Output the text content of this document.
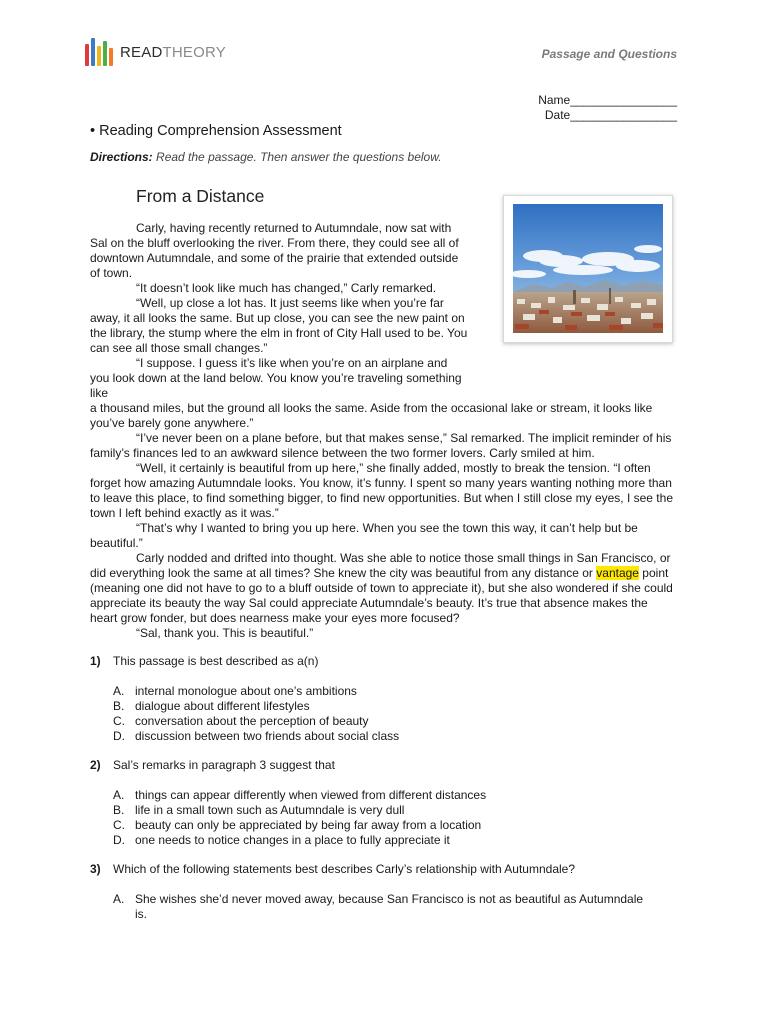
READTHEORY	Passage and Questions
Name________________
Date________________
• Reading Comprehension Assessment
Directions: Read the passage. Then answer the questions below.
From a Distance

Carly, having recently returned to Autumndale, now sat with Sal on the bluff overlooking the river. From there, they could see all of downtown Autumndale, and some of the prairie that extended outside of town.

“It doesn’t look like much has changed,” Carly remarked.

“Well, up close a lot has. It just seems like when you’re far away, it all looks the same. But up close, you can see the new paint on the library, the stump where the elm in front of City Hall used to be. You can see all those small changes.”

“I suppose. I guess it’s like when you’re on an airplane and you look down at the land below. You know you’re traveling something like

a thousand miles, but the ground all looks the same. Aside from the occasional lake or stream, it looks like you’ve barely gone anywhere.”

“I’ve never been on a plane before, but that makes sense,” Sal remarked. The implicit reminder of his family’s finances led to an awkward silence between the two former lovers. Carly smiled at him.

“Well, it certainly is beautiful from up here,” she finally added, mostly to break the tension. “I often forget how amazing Autumndale looks. You know, it’s funny. I spent so many years wanting nothing more than to leave this place, to find something bigger, to find new opportunities. But when I still close my eyes, I see the town I left behind exactly as it was.”

“That’s why I wanted to bring you up here. When you see the town this way, it can’t help but be beautiful.”

Carly nodded and drifted into thought. Was she able to notice those small things in San Francisco, or did everything look the same at all times? She knew the city was beautiful from any distance or vantage point (meaning one did not have to go to a bluff outside of town to appreciate it), but she also wondered if she could appreciate its beauty the way Sal could appreciate Autumndale’s beauty. It’s true that absence makes the heart grow fonder, but does nearness make your eyes more focused?

“Sal, thank you. This is beautiful.”

1)	This passage is best described as a(n)
A. internal monologue about one’s ambitions
B. dialogue about different lifestyles
C. conversation about the perception of beauty
D. discussion between two friends about social class
2)	Sal’s remarks in paragraph 3 suggest that
A. things can appear differently when viewed from different distances
B. life in a small town such as Autumndale is very dull
C. beauty can only be appreciated by being far away from a location
D. one needs to notice changes in a place to fully appreciate it
3)	Which of the following statements best describes Carly’s relationship with Autumndale?
A. She wishes she’d never moved away, because San Francisco is not as beautiful as Autumndale is.
